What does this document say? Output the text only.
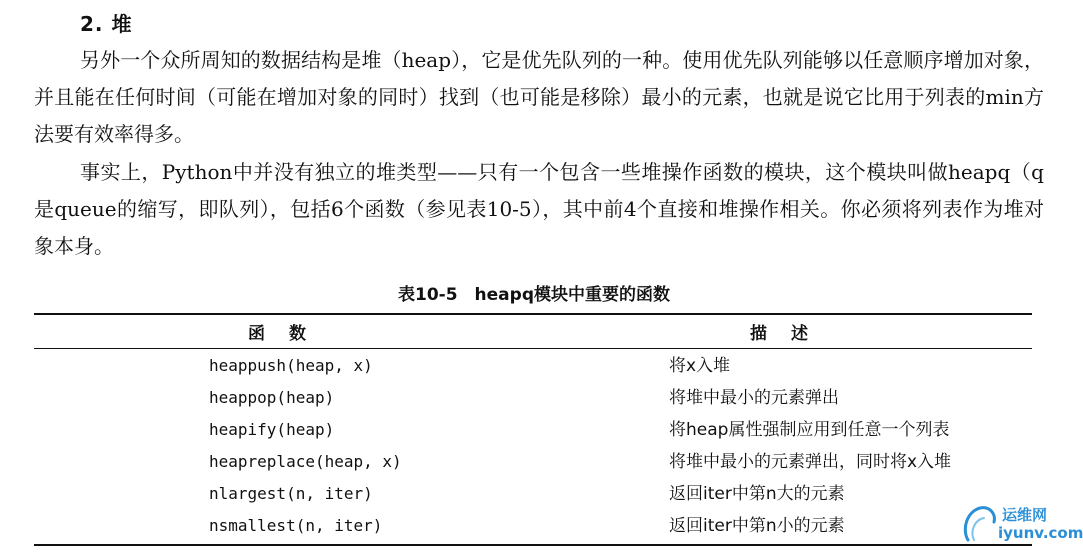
2. 堆

另外一个众所周知的数据结构是堆（heap），它是优先队列的一种。使用优先队列能够以任意顺序增加对象，并且能在任何时间（可能在增加对象的同时）找到（也可能是移除）最小的元素，也就是说它比用于列表的min方法要有效率得多。

事实上，Python中并没有独立的堆类型——只有一个包含一些堆操作函数的模块，这个模块叫做heapq（q是queue的缩写，即队列），包括6个函数（参见表10-5），其中前4个直接和堆操作相关。你必须将列表作为堆对象本身。

表10-5　heapq模块中重要的函数
函数	描述
heappush(heap, x)	将x入堆
heappop(heap)	将堆中最小的元素弹出
heapify(heap)	将heap属性强制应用到任意一个列表
heapreplace(heap, x)	将堆中最小的元素弹出，同时将x入堆
nlargest(n, iter)	返回iter中第n大的元素
nsmallest(n, iter)	返回iter中第n小的元素
运维网
iyunv.com
